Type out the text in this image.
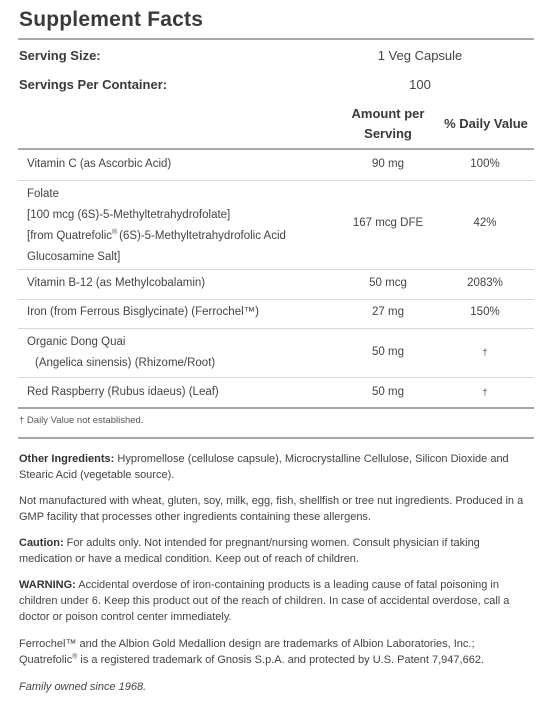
Supplement Facts
Serving Size:	1 Veg Capsule
Servings Per Container:	100
Amount per
Serving
% Daily Value
Vitamin C (as Ascorbic Acid)	90 mg	100%
Folate
[100 mcg (6S)-5-Methyltetrahydrofolate]
[from Quatrefolic® (6S)-5-Methyltetrahydrofolic Acid
Glucosamine Salt]
167 mcg DFE	42%
Vitamin B-12 (as Methylcobalamin)	50 mcg	2083%
Iron (from Ferrous Bisglycinate) (Ferrochel™)	27 mg	150%
Organic Dong Quai
(Angelica sinensis) (Rhizome/Root)
50 mg	†
Red Raspberry (Rubus idaeus) (Leaf)	50 mg	†
† Daily Value not established.
Other Ingredients: Hypromellose (cellulose capsule), Microcrystalline Cellulose, Silicon Dioxide and Stearic Acid (vegetable source).
Not manufactured with wheat, gluten, soy, milk, egg, fish, shellfish or tree nut ingredients. Produced in a GMP facility that processes other ingredients containing these allergens.
Caution: For adults only. Not intended for pregnant/nursing women. Consult physician if taking medication or have a medical condition. Keep out of reach of children.
WARNING: Accidental overdose of iron-containing products is a leading cause of fatal poisoning in children under 6. Keep this product out of the reach of children. In case of accidental overdose, call a doctor or poison control center immediately.
Ferrochel™ and the Albion Gold Medallion design are trademarks of Albion Laboratories, Inc.; Quatrefolic® is a registered trademark of Gnosis S.p.A. and protected by U.S. Patent 7,947,662.
Family owned since 1968.
